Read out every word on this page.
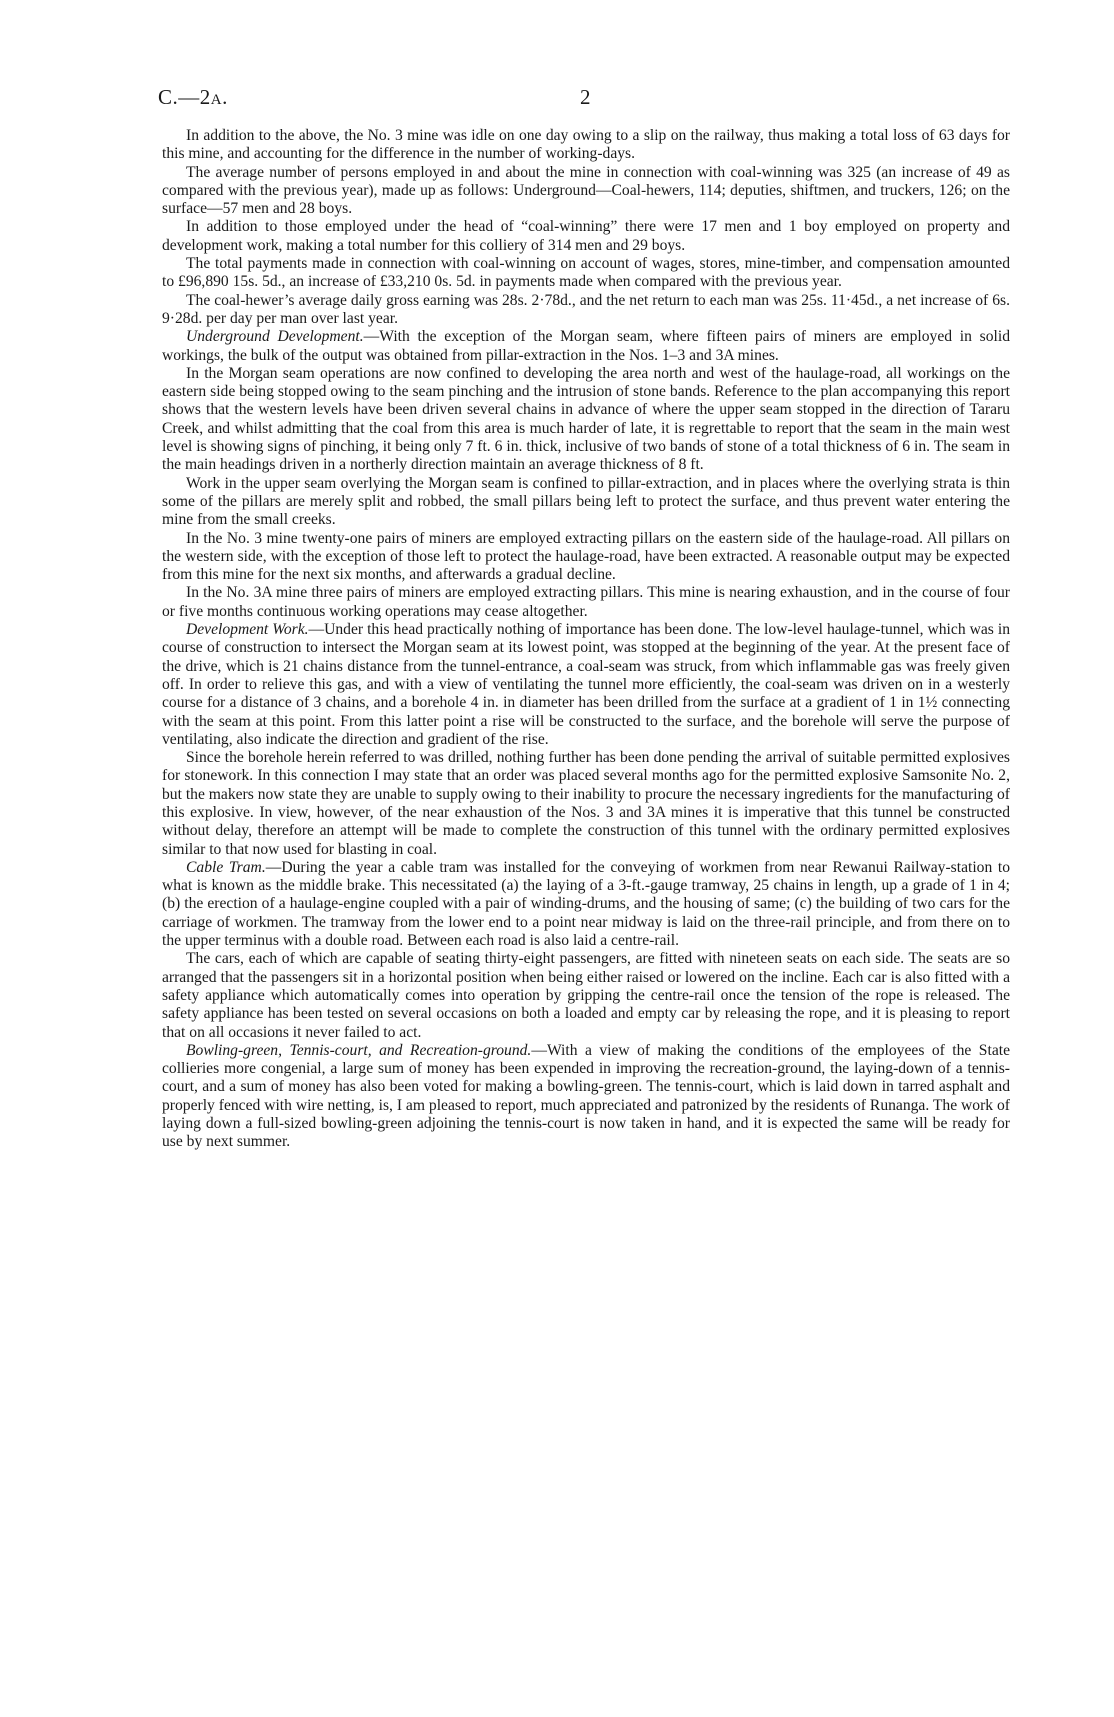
C.—2A.	2

In addition to the above, the No. 3 mine was idle on one day owing to a slip on the railway, thus making a total loss of 63 days for this mine, and accounting for the difference in the number of working-days.

The average number of persons employed in and about the mine in connection with coal-winning was 325 (an increase of 49 as compared with the previous year), made up as follows: Underground—Coal-hewers, 114; deputies, shiftmen, and truckers, 126; on the surface—57 men and 28 boys.

In addition to those employed under the head of “coal-winning” there were 17 men and 1 boy employed on property and development work, making a total number for this colliery of 314 men and 29 boys.

The total payments made in connection with coal-winning on account of wages, stores, mine-timber, and compensation amounted to £96,890 15s. 5d., an increase of £33,210 0s. 5d. in payments made when compared with the previous year.

The coal-hewer’s average daily gross earning was 28s. 2·78d., and the net return to each man was 25s. 11·45d., a net increase of 6s. 9·28d. per day per man over last year.

Underground Development.—With the exception of the Morgan seam, where fifteen pairs of miners are employed in solid workings, the bulk of the output was obtained from pillar-extraction in the Nos. 1–3 and 3A mines.

In the Morgan seam operations are now confined to developing the area north and west of the haulage-road, all workings on the eastern side being stopped owing to the seam pinching and the intrusion of stone bands. Reference to the plan accompanying this report shows that the western levels have been driven several chains in advance of where the upper seam stopped in the direction of Tararu Creek, and whilst admitting that the coal from this area is much harder of late, it is regrettable to report that the seam in the main west level is showing signs of pinching, it being only 7 ft. 6 in. thick, inclusive of two bands of stone of a total thickness of 6 in. The seam in the main headings driven in a northerly direction maintain an average thickness of 8 ft.

Work in the upper seam overlying the Morgan seam is confined to pillar-extraction, and in places where the overlying strata is thin some of the pillars are merely split and robbed, the small pillars being left to protect the surface, and thus prevent water entering the mine from the small creeks.

In the No. 3 mine twenty-one pairs of miners are employed extracting pillars on the eastern side of the haulage-road. All pillars on the western side, with the exception of those left to protect the haulage-road, have been extracted. A reasonable output may be expected from this mine for the next six months, and afterwards a gradual decline.

In the No. 3A mine three pairs of miners are employed extracting pillars. This mine is nearing exhaustion, and in the course of four or five months continuous working operations may cease altogether.

Development Work.—Under this head practically nothing of importance has been done. The low-level haulage-tunnel, which was in course of construction to intersect the Morgan seam at its lowest point, was stopped at the beginning of the year. At the present face of the drive, which is 21 chains distance from the tunnel-entrance, a coal-seam was struck, from which inflammable gas was freely given off. In order to relieve this gas, and with a view of ventilating the tunnel more efficiently, the coal-seam was driven on in a westerly course for a distance of 3 chains, and a borehole 4 in. in diameter has been drilled from the surface at a gradient of 1 in 1½ connecting with the seam at this point. From this latter point a rise will be constructed to the surface, and the borehole will serve the purpose of ventilating, also indicate the direction and gradient of the rise.

Since the borehole herein referred to was drilled, nothing further has been done pending the arrival of suitable permitted explosives for stonework. In this connection I may state that an order was placed several months ago for the permitted explosive Samsonite No. 2, but the makers now state they are unable to supply owing to their inability to procure the necessary ingredients for the manufacturing of this explosive. In view, however, of the near exhaustion of the Nos. 3 and 3A mines it is imperative that this tunnel be constructed without delay, therefore an attempt will be made to complete the construction of this tunnel with the ordinary permitted explosives similar to that now used for blasting in coal.

Cable Tram.—During the year a cable tram was installed for the conveying of workmen from near Rewanui Railway-station to what is known as the middle brake. This necessitated (a) the laying of a 3-ft.-gauge tramway, 25 chains in length, up a grade of 1 in 4; (b) the erection of a haulage-engine coupled with a pair of winding-drums, and the housing of same; (c) the building of two cars for the carriage of workmen. The tramway from the lower end to a point near midway is laid on the three-rail principle, and from there on to the upper terminus with a double road. Between each road is also laid a centre-rail.

The cars, each of which are capable of seating thirty-eight passengers, are fitted with nineteen seats on each side. The seats are so arranged that the passengers sit in a horizontal position when being either raised or lowered on the incline. Each car is also fitted with a safety appliance which automatically comes into operation by gripping the centre-rail once the tension of the rope is released. The safety appliance has been tested on several occasions on both a loaded and empty car by releasing the rope, and it is pleasing to report that on all occasions it never failed to act.

Bowling-green, Tennis-court, and Recreation-ground.—With a view of making the conditions of the employees of the State collieries more congenial, a large sum of money has been expended in improving the recreation-ground, the laying-down of a tennis-court, and a sum of money has also been voted for making a bowling-green. The tennis-court, which is laid down in tarred asphalt and properly fenced with wire netting, is, I am pleased to report, much appreciated and patronized by the residents of Runanga. The work of laying down a full-sized bowling-green adjoining the tennis-court is now taken in hand, and it is expected the same will be ready for use by next summer.
